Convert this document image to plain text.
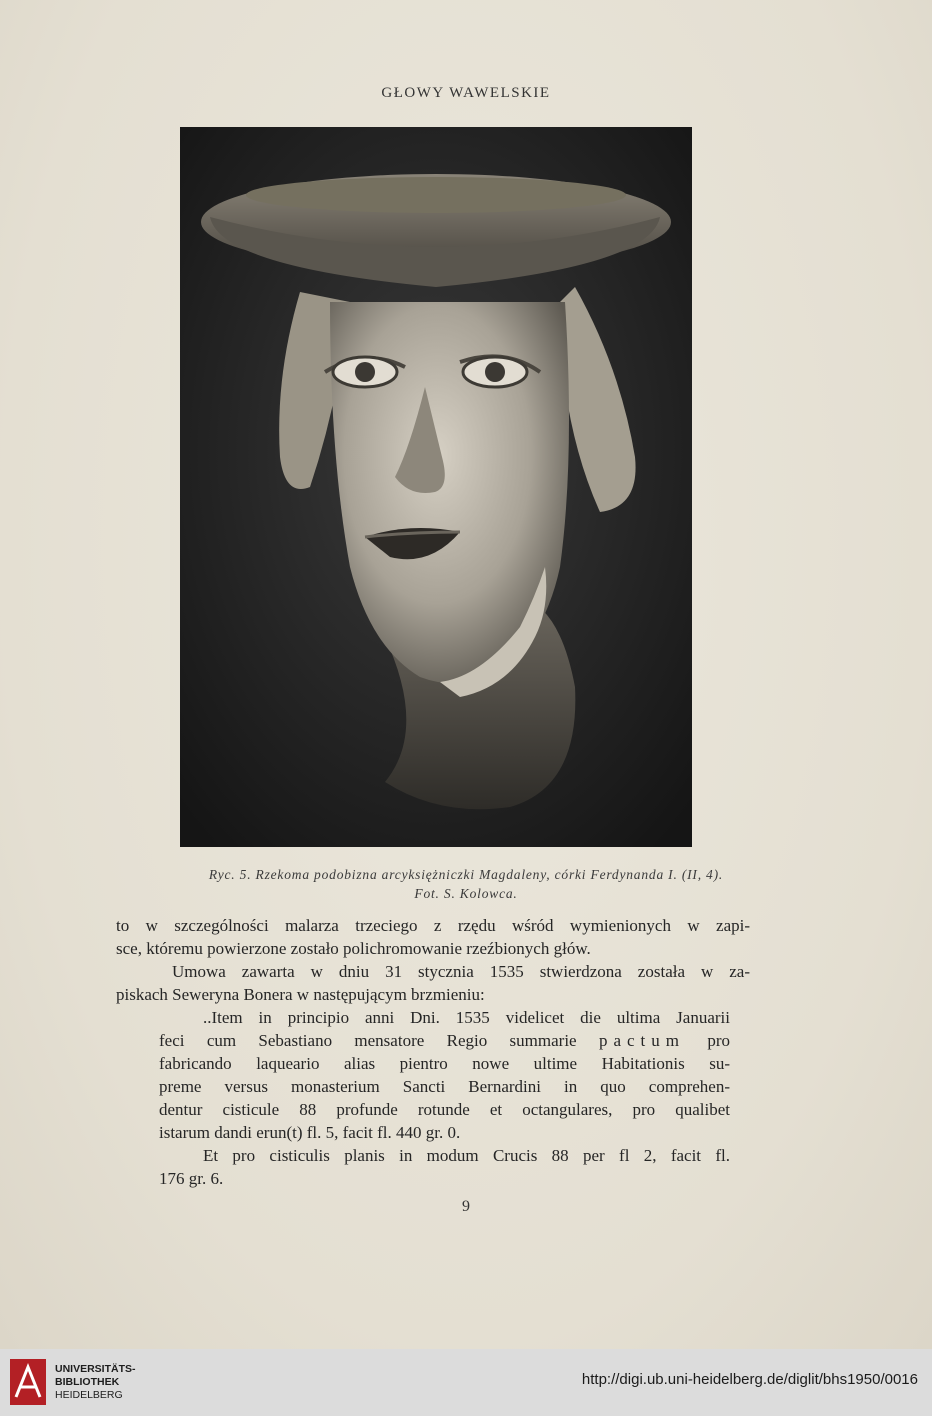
GŁOWY WAWELSKIE
Ryc. 5. Rzekoma podobizna arcyksiężniczki Magdaleny, córki Ferdynanda I. (II, 4).
Fot. S. Kolowca.
to w szczególności malarza trzeciego z rzędu wśród wymienionych w zapi-
sce, któremu powierzone zostało polichromowanie rzeźbionych głów.
Umowa zawarta w dniu 31 stycznia 1535 stwierdzona została w za-
piskach Seweryna Bonera w następującym brzmieniu:
..Item in principio anni Dni. 1535 videlicet die ultima Januarii
feci cum Sebastiano mensatore Regio summarie pactum pro
fabricando laqueario alias pientro nowe ultime Habitationis su-
preme versus monasterium Sancti Bernardini in quo comprehen-
dentur cisticule 88 profunde rotunde et octangulares, pro qualibet
istarum dandi erun(t) fl. 5, facit fl. 440 gr. 0.
Et pro cisticulis planis in modum Crucis 88 per fl 2, facit fl.
176 gr. 6.
9
UNIVERSITÄTS-
BIBLIOTHEK
HEIDELBERG
http://digi.ub.uni-heidelberg.de/diglit/bhs1950/0016
